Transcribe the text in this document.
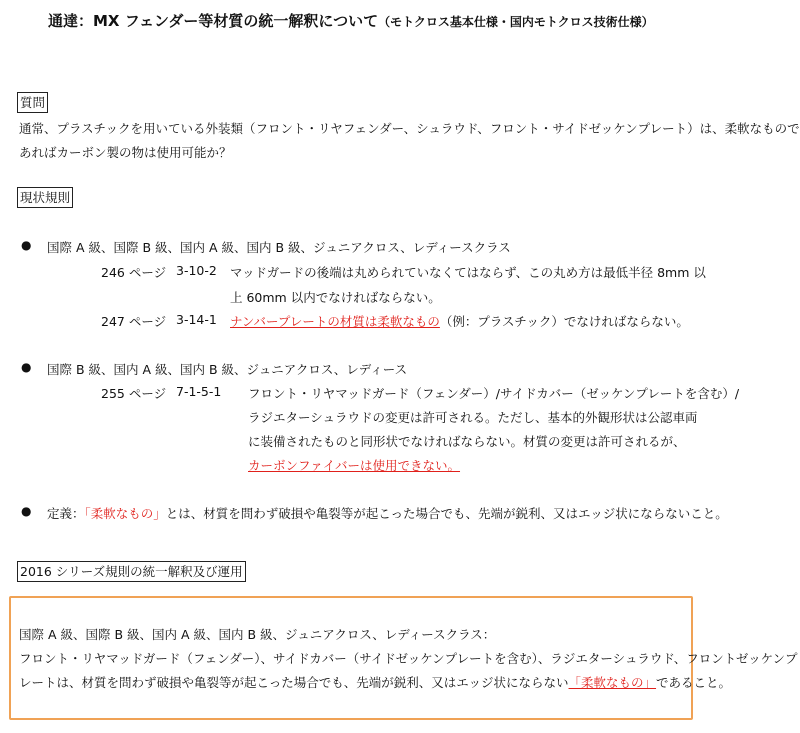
通達：MX フェンダー等材質の統一解釈について（モトクロス基本仕様・国内モトクロス技術仕様）
質問
通常、プラスチックを用いている外装類（フロント・リヤフェンダー、シュラウド、フロント・サイドゼッケンプレート）は、柔軟なもので
あればカーボン製の物は使用可能か？
現状規則
● 国際 A 級、国際 B 級、国内 A 級、国内 B 級、ジュニアクロス、レディースクラス
246 ページ 3-10-2 マッドガードの後端は丸められていなくてはならず、この丸め方は最低半径 8mm 以
上 60mm 以内でなければならない。
247 ページ 3-14-1 ナンバープレートの材質は柔軟なもの（例：プラスチック）でなければならない。
● 国際 B 級、国内 A 級、国内 B 級、ジュニアクロス、レディース
255 ページ 7-1-5-1 フロント・リヤマッドガード（フェンダー）/サイドカバー（ゼッケンプレートを含む）/
ラジエターシュラウドの変更は許可される。ただし、基本的外観形状は公認車両
に装備されたものと同形状でなければならない。材質の変更は許可されるが、
カーボンファイバーは使用できない。
● 定義：「柔軟なもの」とは、材質を問わず破損や亀裂等が起こった場合でも、先端が鋭利、又はエッジ状にならないこと。
2016 シリーズ規則の統一解釈及び運用
国際 A 級、国際 B 級、国内 A 級、国内 B 級、ジュニアクロス、レディースクラス：
フロント・リヤマッドガード（フェンダー）、サイドカバー（サイドゼッケンプレートを含む）、ラジエターシュラウド、フロントゼッケンプ
レートは、材質を問わず破損や亀裂等が起こった場合でも、先端が鋭利、又はエッジ状にならない「柔軟なもの」であること。
